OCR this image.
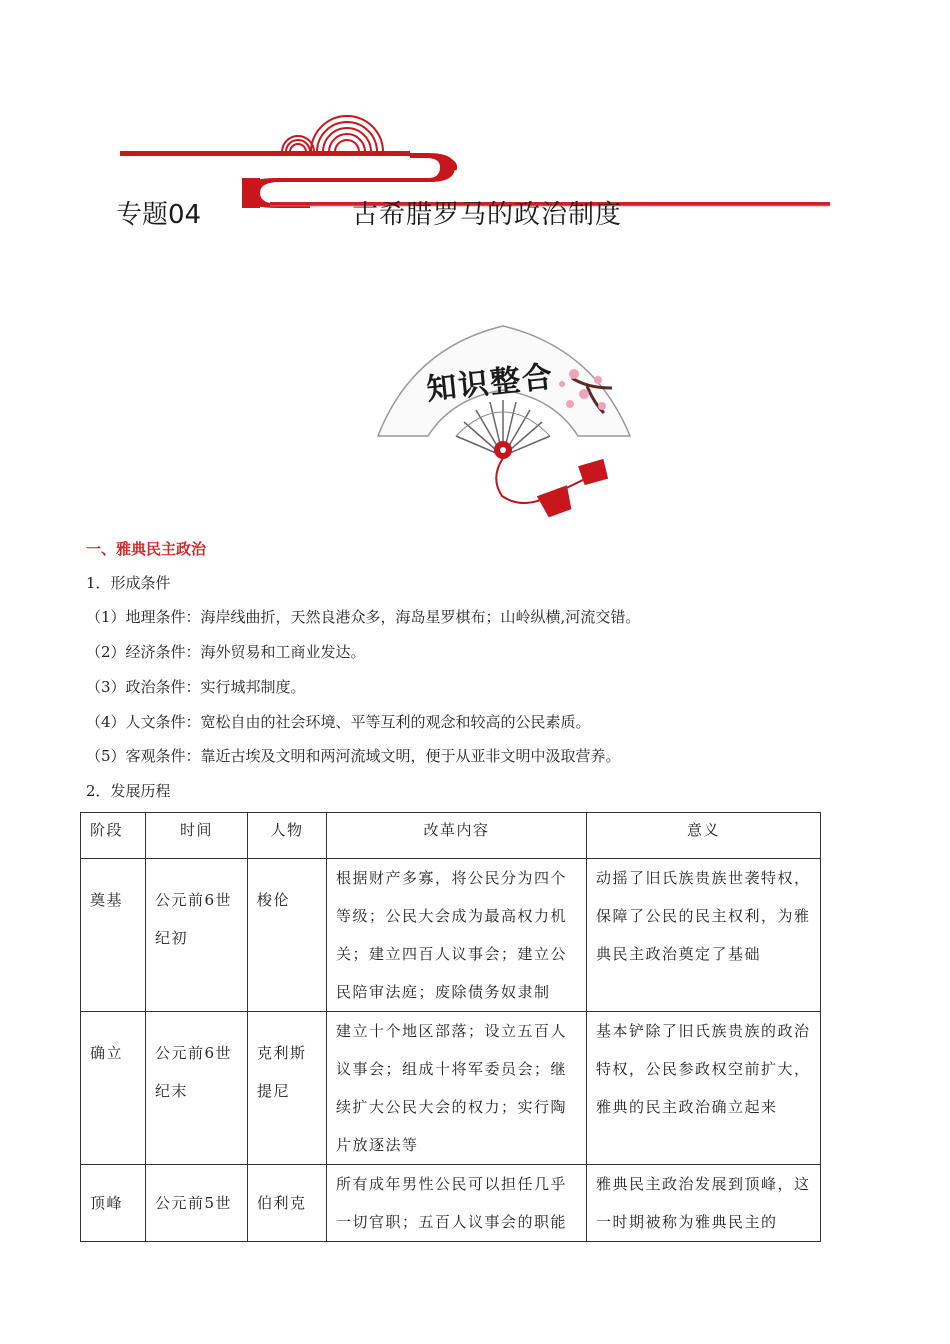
专题04	古希腊罗马的政治制度
知识整合
一、雅典民主政治
1．形成条件
（1）地理条件：海岸线曲折，天然良港众多，海岛星罗棋布；山岭纵横,河流交错。
（2）经济条件：海外贸易和工商业发达。
（3）政治条件：实行城邦制度。
（4）人文条件：宽松自由的社会环境、平等互利的观念和较高的公民素质。
（5）客观条件：靠近古埃及文明和两河流域文明，便于从亚非文明中汲取营养。
2．发展历程
阶段	时间	人物	改革内容	意义
奠基	公元前6世纪初	梭伦	根据财产多寡，将公民分为四个等级；公民大会成为最高权力机关；建立四百人议事会；建立公民陪审法庭；废除债务奴隶制	动摇了旧氏族贵族世袭特权，保障了公民的民主权利，为雅典民主政治奠定了基础
确立	公元前6世纪末	克利斯提尼	建立十个地区部落；设立五百人议事会；组成十将军委员会；继续扩大公民大会的权力；实行陶片放逐法等	基本铲除了旧氏族贵族的政治特权，公民参政权空前扩大，雅典的民主政治确立起来
顶峰	公元前5世	伯利克	所有成年男性公民可以担任几乎一切官职；五百人议事会的职能	雅典民主政治发展到顶峰，这一时期被称为雅典民主的
